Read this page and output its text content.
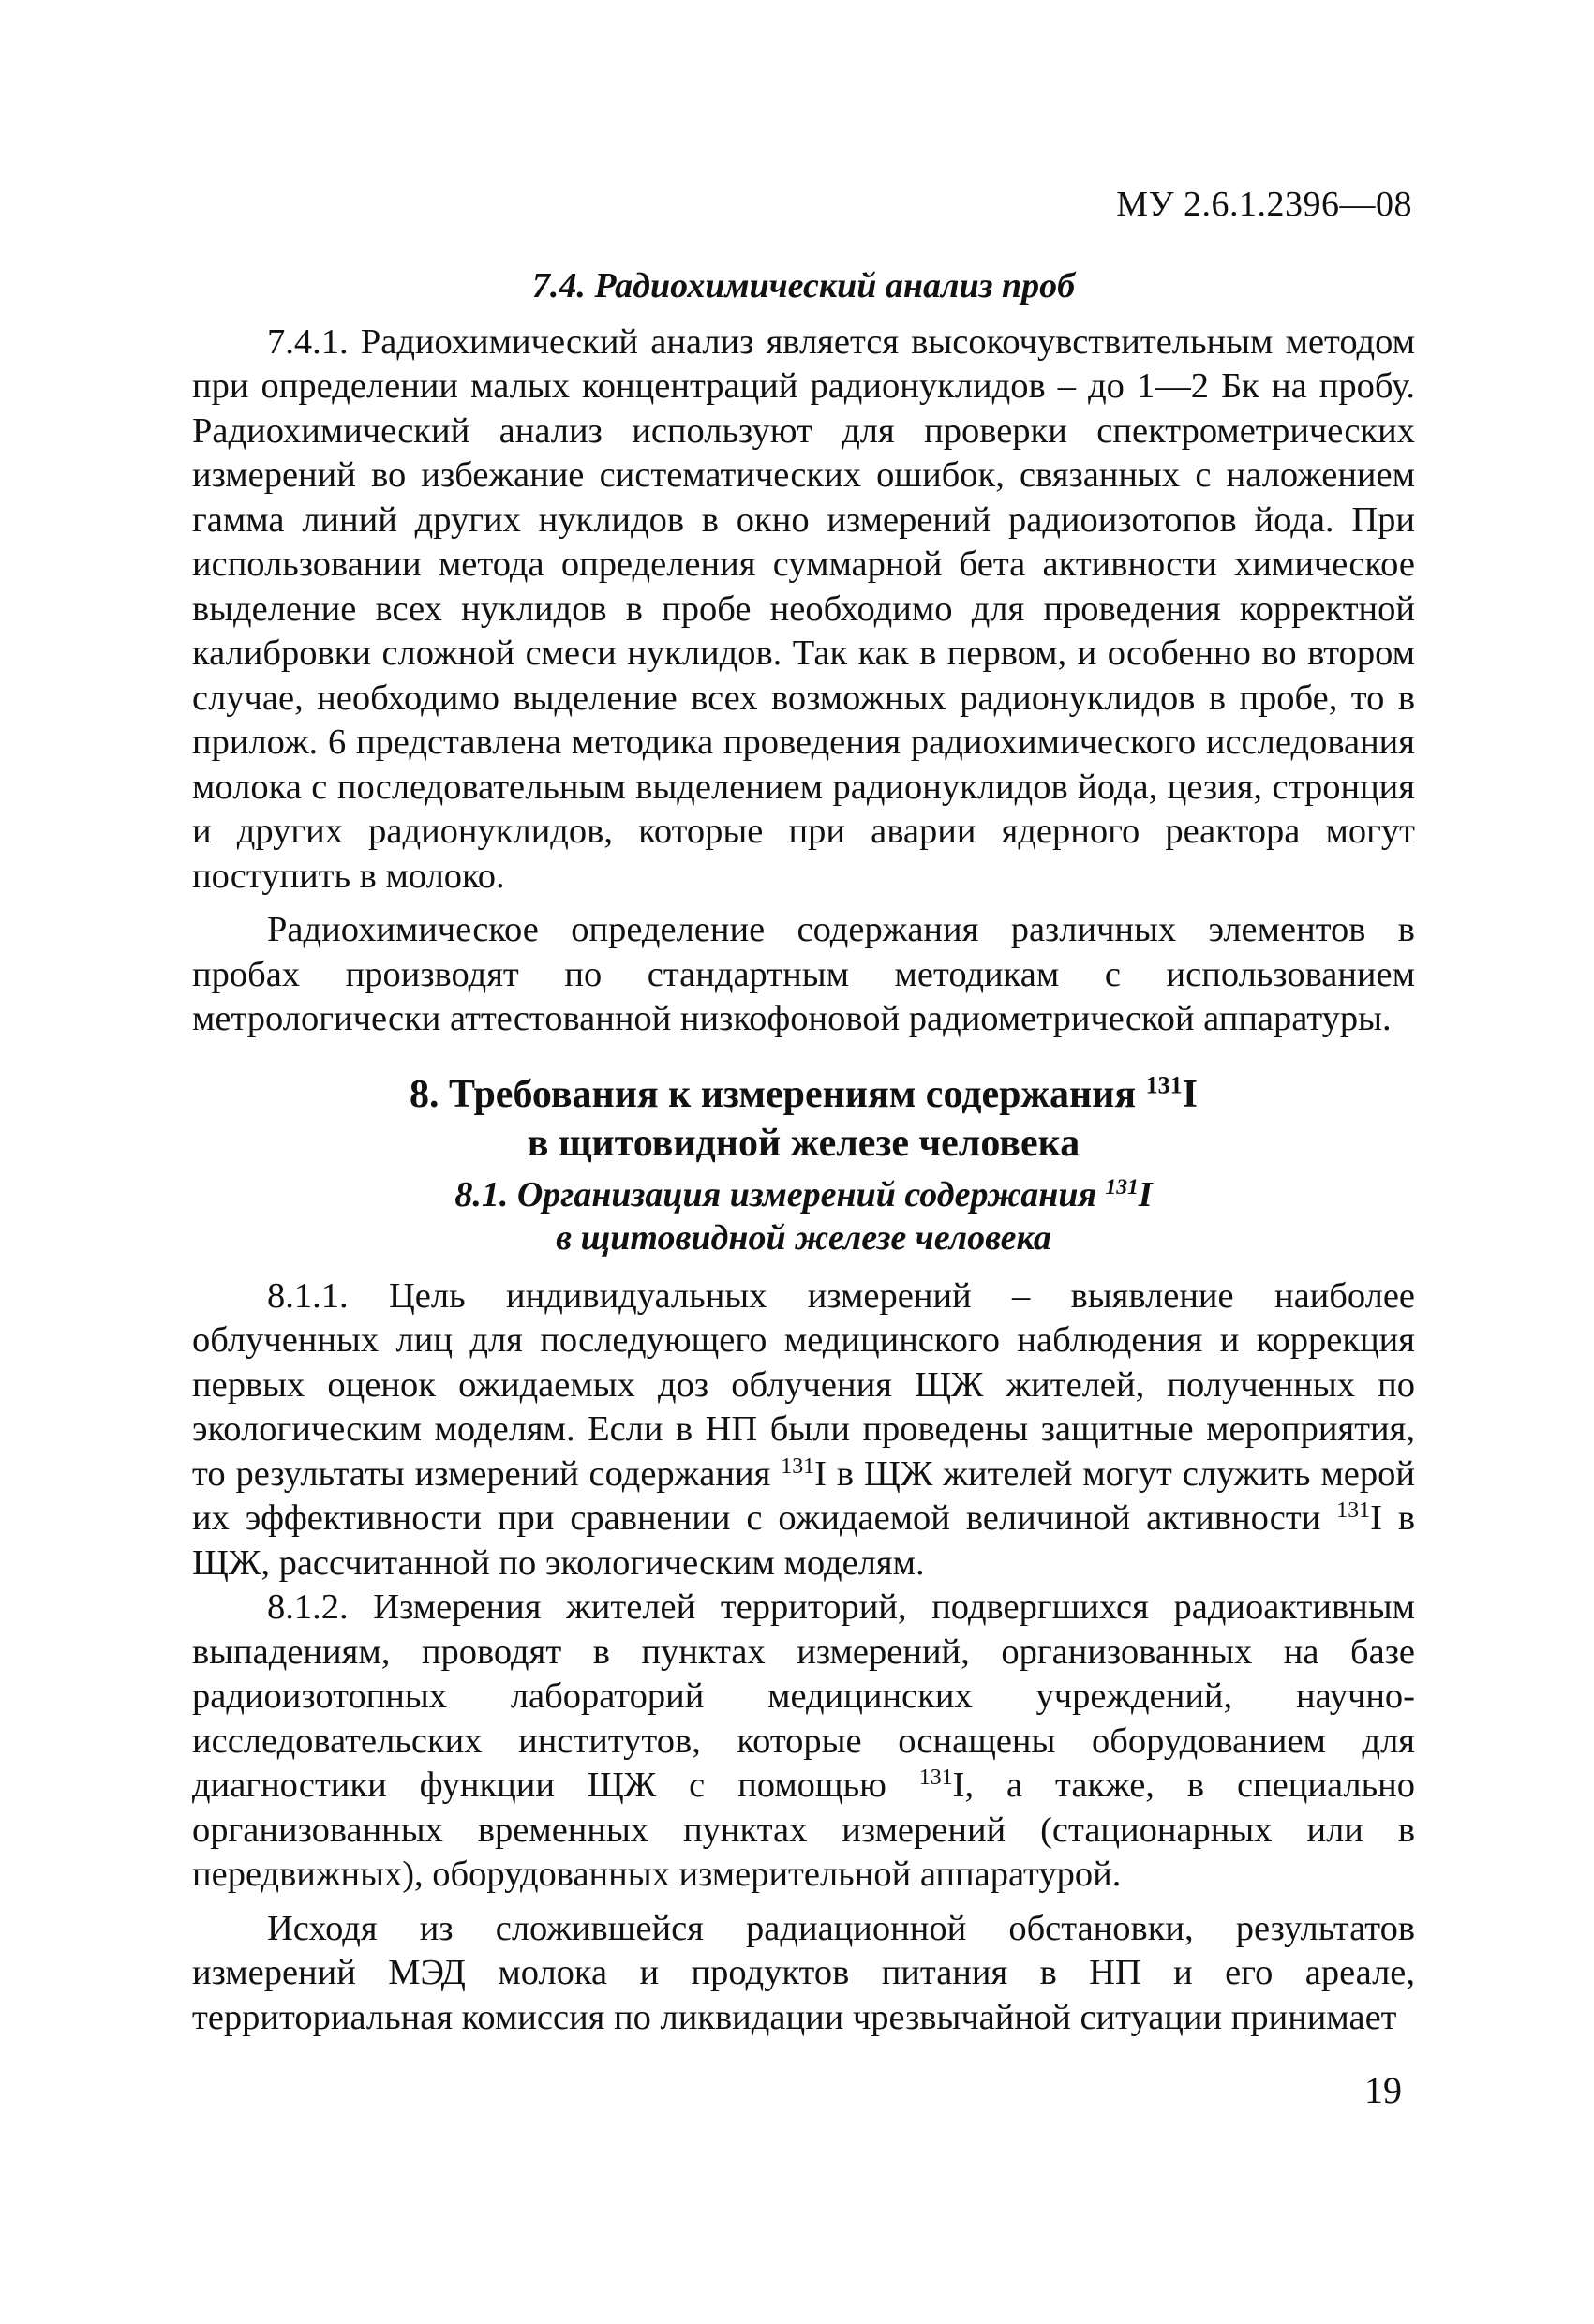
МУ 2.6.1.2396—08

7.4. Радиохимический анализ проб

7.4.1. Радиохимический анализ является высокочувствительным методом при определении малых концентраций радионуклидов – до 1—2 Бк на пробу. Радиохимический анализ используют для проверки спектрометрических измерений во избежание систематических ошибок, связанных с наложением гамма линий других нуклидов в окно измерений радиоизотопов йода. При использовании метода определения суммарной бета активности химическое выделение всех нуклидов в пробе необходимо для проведения корректной калибровки сложной смеси нуклидов. Так как в первом, и особенно во втором случае, необходимо выделение всех возможных радионуклидов в пробе, то в прилож. 6 представлена методика проведения радиохимического исследования молока с последовательным выделением радионуклидов йода, цезия, стронция и других радионуклидов, которые при аварии ядерного реактора могут поступить в молоко.

Радиохимическое определение содержания различных элементов в пробах производят по стандартным методикам с использованием метрологически аттестованной низкофоновой радиометрической аппаратуры.

8. Требования к измерениям содержания $^{131}$I
в щитовидной железе человека
8.1. Организация измерений содержания $^{131}$I
в щитовидной железе человека

8.1.1. Цель индивидуальных измерений – выявление наиболее облученных лиц для последующего медицинского наблюдения и коррекция первых оценок ожидаемых доз облучения ЩЖ жителей, полученных по экологическим моделям. Если в НП были проведены защитные мероприятия, то результаты измерений содержания $^{131}$I в ЩЖ жителей могут служить мерой их эффективности при сравнении с ожидаемой величиной активности $^{131}$I в ЩЖ, рассчитанной по экологическим моделям.

8.1.2. Измерения жителей территорий, подвергшихся радиоактивным выпадениям, проводят в пунктах измерений, организованных на базе радиоизотопных лабораторий медицинских учреждений, научно-исследовательских институтов, которые оснащены оборудованием для диагностики функции ЩЖ с помощью $^{131}$I, а также, в специально организованных временных пунктах измерений (стационарных или в передвижных), оборудованных измерительной аппаратурой.

Исходя из сложившейся радиационной обстановки, результатов измерений МЭД молока и продуктов питания в НП и его ареале, территориальная комиссия по ликвидации чрезвычайной ситуации принимает

19
